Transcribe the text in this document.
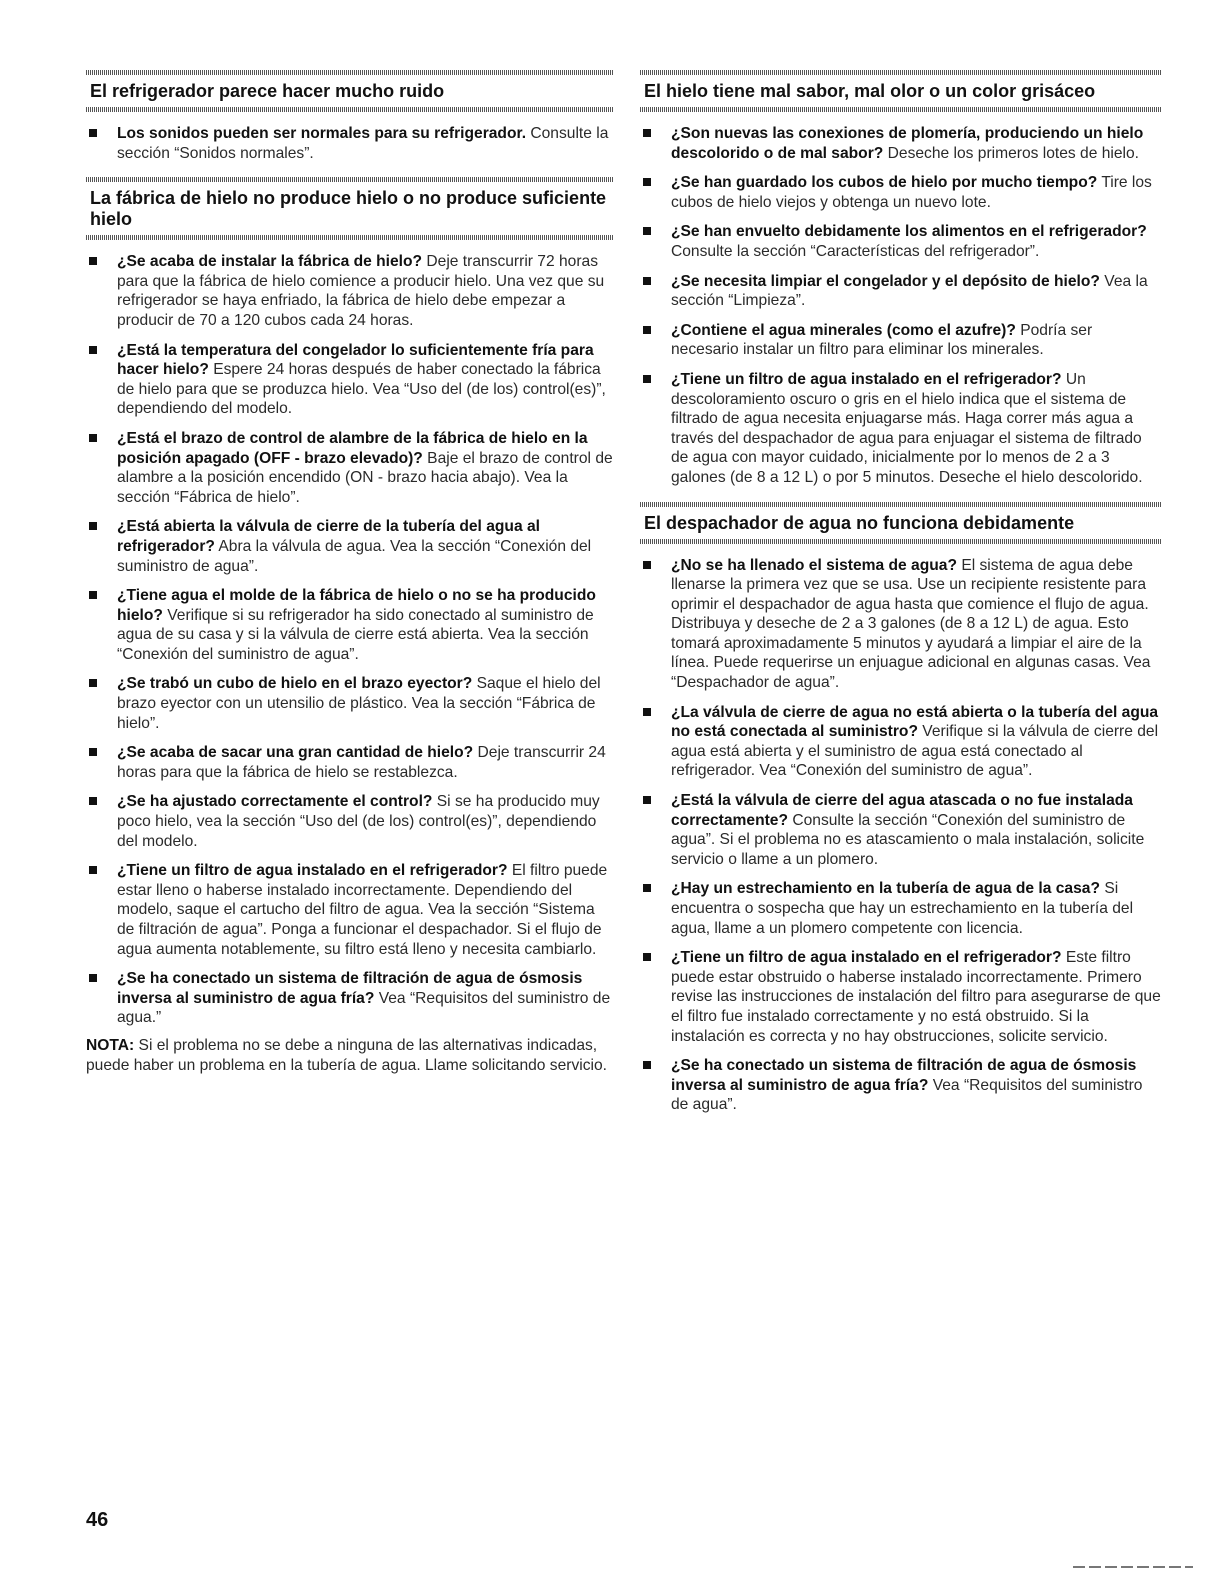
El refrigerador parece hacer mucho ruido
Los sonidos pueden ser normales para su refrigerador. Consulte la sección “Sonidos normales”.
La fábrica de hielo no produce hielo o no produce suficiente hielo
¿Se acaba de instalar la fábrica de hielo? Deje transcurrir 72 horas para que la fábrica de hielo comience a producir hielo. Una vez que su refrigerador se haya enfriado, la fábrica de hielo debe empezar a producir de 70 a 120 cubos cada 24 horas.
¿Está la temperatura del congelador lo suficientemente fría para hacer hielo? Espere 24 horas después de haber conectado la fábrica de hielo para que se produzca hielo. Vea “Uso del (de los) control(es)”, dependiendo del modelo.
¿Está el brazo de control de alambre de la fábrica de hielo en la posición apagado (OFF - brazo elevado)? Baje el brazo de control de alambre a la posición encendido (ON - brazo hacia abajo). Vea la sección “Fábrica de hielo”.
¿Está abierta la válvula de cierre de la tubería del agua al refrigerador? Abra la válvula de agua. Vea la sección “Conexión del suministro de agua”.
¿Tiene agua el molde de la fábrica de hielo o no se ha producido hielo? Verifique si su refrigerador ha sido conectado al suministro de agua de su casa y si la válvula de cierre está abierta. Vea la sección “Conexión del suministro de agua”.
¿Se trabó un cubo de hielo en el brazo eyector? Saque el hielo del brazo eyector con un utensilio de plástico. Vea la sección “Fábrica de hielo”.
¿Se acaba de sacar una gran cantidad de hielo? Deje transcurrir 24 horas para que la fábrica de hielo se restablezca.
¿Se ha ajustado correctamente el control? Si se ha producido muy poco hielo, vea la sección “Uso del (de los) control(es)”, dependiendo del modelo.
¿Tiene un filtro de agua instalado en el refrigerador? El filtro puede estar lleno o haberse instalado incorrectamente. Dependiendo del modelo, saque el cartucho del filtro de agua. Vea la sección “Sistema de filtración de agua”. Ponga a funcionar el despachador. Si el flujo de agua aumenta notablemente, su filtro está lleno y necesita cambiarlo.
¿Se ha conectado un sistema de filtración de agua de ósmosis inversa al suministro de agua fría? Vea “Requisitos del suministro de agua.”
NOTA: Si el problema no se debe a ninguna de las alternativas indicadas, puede haber un problema en la tubería de agua. Llame solicitando servicio.
El hielo tiene mal sabor, mal olor o un color grisáceo
¿Son nuevas las conexiones de plomería, produciendo un hielo descolorido o de mal sabor? Deseche los primeros lotes de hielo.
¿Se han guardado los cubos de hielo por mucho tiempo? Tire los cubos de hielo viejos y obtenga un nuevo lote.
¿Se han envuelto debidamente los alimentos en el refrigerador? Consulte la sección “Características del refrigerador”.
¿Se necesita limpiar el congelador y el depósito de hielo? Vea la sección “Limpieza”.
¿Contiene el agua minerales (como el azufre)? Podría ser necesario instalar un filtro para eliminar los minerales.
¿Tiene un filtro de agua instalado en el refrigerador? Un descoloramiento oscuro o gris en el hielo indica que el sistema de filtrado de agua necesita enjuagarse más. Haga correr más agua a través del despachador de agua para enjuagar el sistema de filtrado de agua con mayor cuidado, inicialmente por lo menos de 2 a 3 galones (de 8 a 12 L) o por 5 minutos. Deseche el hielo descolorido.
El despachador de agua no funciona debidamente
¿No se ha llenado el sistema de agua? El sistema de agua debe llenarse la primera vez que se usa. Use un recipiente resistente para oprimir el despachador de agua hasta que comience el flujo de agua. Distribuya y deseche de 2 a 3 galones (de 8 a 12 L) de agua. Esto tomará aproximadamente 5 minutos y ayudará a limpiar el aire de la línea. Puede requerirse un enjuague adicional en algunas casas. Vea “Despachador de agua”.
¿La válvula de cierre de agua no está abierta o la tubería del agua no está conectada al suministro? Verifique si la válvula de cierre del agua está abierta y el suministro de agua está conectado al refrigerador. Vea “Conexión del suministro de agua”.
¿Está la válvula de cierre del agua atascada o no fue instalada correctamente? Consulte la sección “Conexión del suministro de agua”. Si el problema no es atascamiento o mala instalación, solicite servicio o llame a un plomero.
¿Hay un estrechamiento en la tubería de agua de la casa? Si encuentra o sospecha que hay un estrechamiento en la tubería del agua, llame a un plomero competente con licencia.
¿Tiene un filtro de agua instalado en el refrigerador? Este filtro puede estar obstruido o haberse instalado incorrectamente. Primero revise las instrucciones de instalación del filtro para asegurarse de que el filtro fue instalado correctamente y no está obstruido. Si la instalación es correcta y no hay obstrucciones, solicite servicio.
¿Se ha conectado un sistema de filtración de agua de ósmosis inversa al suministro de agua fría? Vea “Requisitos del suministro de agua”.
46
